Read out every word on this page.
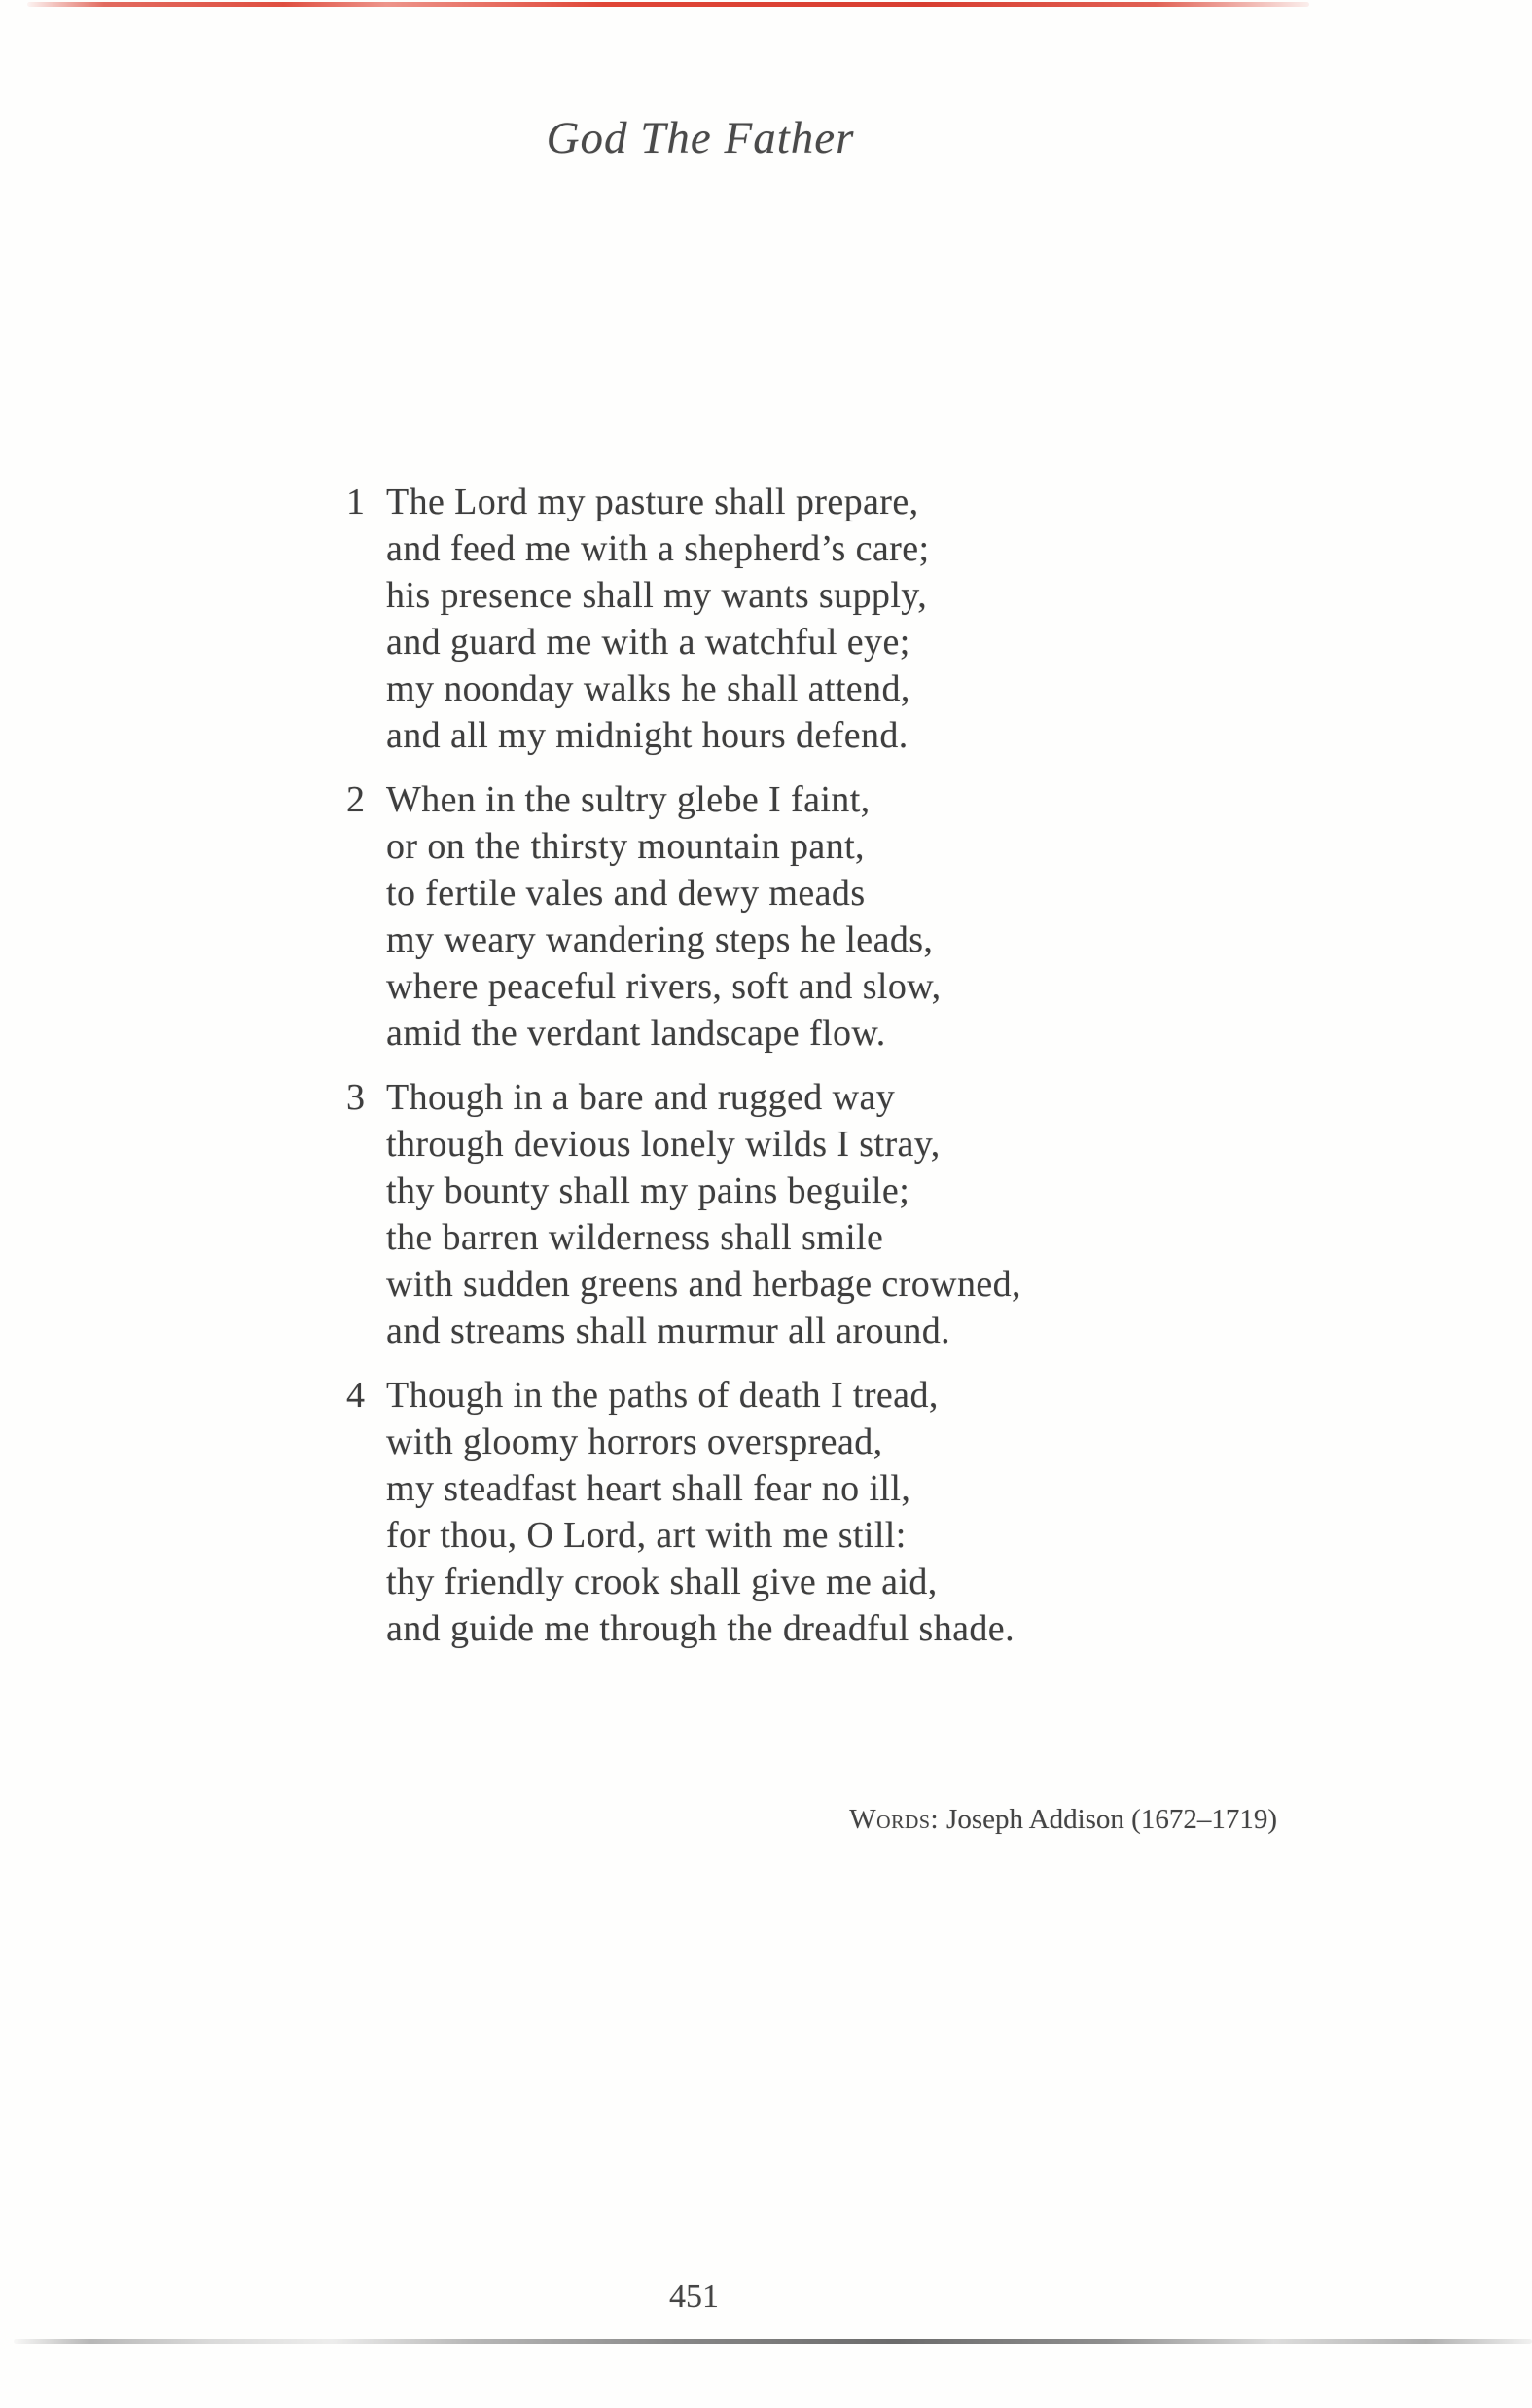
God The Father
1 The Lord my pasture shall prepare,
and feed me with a shepherd’s care;
his presence shall my wants supply,
and guard me with a watchful eye;
my noonday walks he shall attend,
and all my midnight hours defend.
2 When in the sultry glebe I faint,
or on the thirsty mountain pant,
to fertile vales and dewy meads
my weary wandering steps he leads,
where peaceful rivers, soft and slow,
amid the verdant landscape flow.
3 Though in a bare and rugged way
through devious lonely wilds I stray,
thy bounty shall my pains beguile;
the barren wilderness shall smile
with sudden greens and herbage crowned,
and streams shall murmur all around.
4 Though in the paths of death I tread,
with gloomy horrors overspread,
my steadfast heart shall fear no ill,
for thou, O Lord, art with me still:
thy friendly crook shall give me aid,
and guide me through the dreadful shade.
Words: Joseph Addison (1672–1719)
451
